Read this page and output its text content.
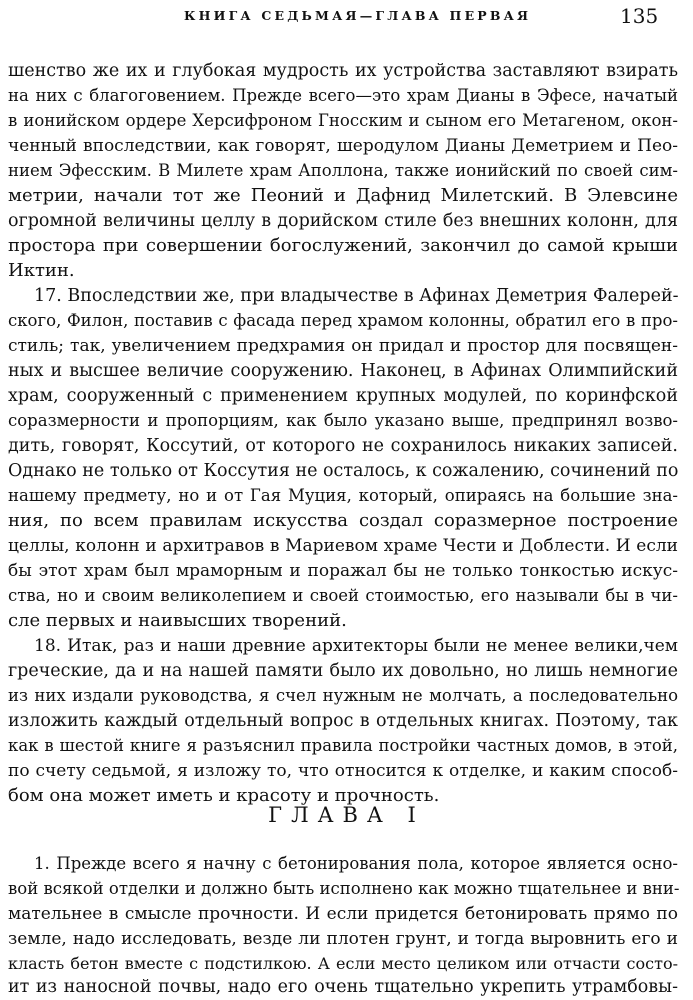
КНИГА СЕДЬМАЯ—ГЛАВА ПЕРВАЯ	135
шенство же их и глубокая мудрость их устройства заставляют взирать
на них с благоговением. Прежде всего—это храм Дианы в Эфесе, начатый
в ионийском ордере Херсифроном Гносским и сыном его Метагеном, окон-
ченный впоследствии, как говорят, шеродулом Дианы Деметрием и Пео-
нием Эфесским. В Милете храм Аполлона, также ионийский по своей сим-
метрии, начали тот же Пеоний и Дафнид Милетский. В Элевсине
огромной величины целлу в дорийском стиле без внешних колонн, для
простора при совершении богослужений, закончил до самой крыши
Иктин.
17. Впоследствии же, при владычестве в Афинах Деметрия Фалерей-
ского, Филон, поставив с фасада перед храмом колонны, обратил его в про-
стиль; так, увеличением предхрамия он придал и простор для посвящен-
ных и высшее величие сооружению. Наконец, в Афинах Олимпийский
храм, сооруженный с применением крупных модулей, по коринфской
соразмерности и пропорциям, как было указано выше, предпринял возво-
дить, говорят, Коссутий, от которого не сохранилось никаких записей.
Однако не только от Коссутия не осталось, к сожалению, сочинений по
нашему предмету, но и от Гая Муция, который, опираясь на большие зна-
ния, по всем правилам искусства создал соразмерное построение
целлы, колонн и архитравов в Мариевом храме Чести и Доблести. И если
бы этот храм был мраморным и поражал бы не только тонкостью искус-
ства, но и своим великолепием и своей стоимостью, его называли бы в чи-
сле первых и наивысших творений.
18. Итак, раз и наши древние архитекторы были не менее велики,чем
греческие, да и на нашей памяти было их довольно, но лишь немногие
из них издали руководства, я счел нужным не молчать, а последовательно
изложить каждый отдельный вопрос в отдельных книгах. Поэтому, так
как в шестой книге я разъяснил правила постройки частных домов, в этой,
по счету седьмой, я изложу то, что относится к отделке, и каким способ-
бом она может иметь и красоту и прочность.
ГЛАВА I
1. Прежде всего я начну с бетонирования пола, которое является осно-
вой всякой отделки и должно быть исполнено как можно тщательнее и вни-
мательнее в смысле прочности. И если придется бетонировать прямо по
земле, надо исследовать, везде ли плотен грунт, и тогда выровнить его и
класть бетон вместе с подстилкою. А если место целиком или отчасти состо-
ит из наносной почвы, надо его очень тщательно укрепить утрамбовы-
